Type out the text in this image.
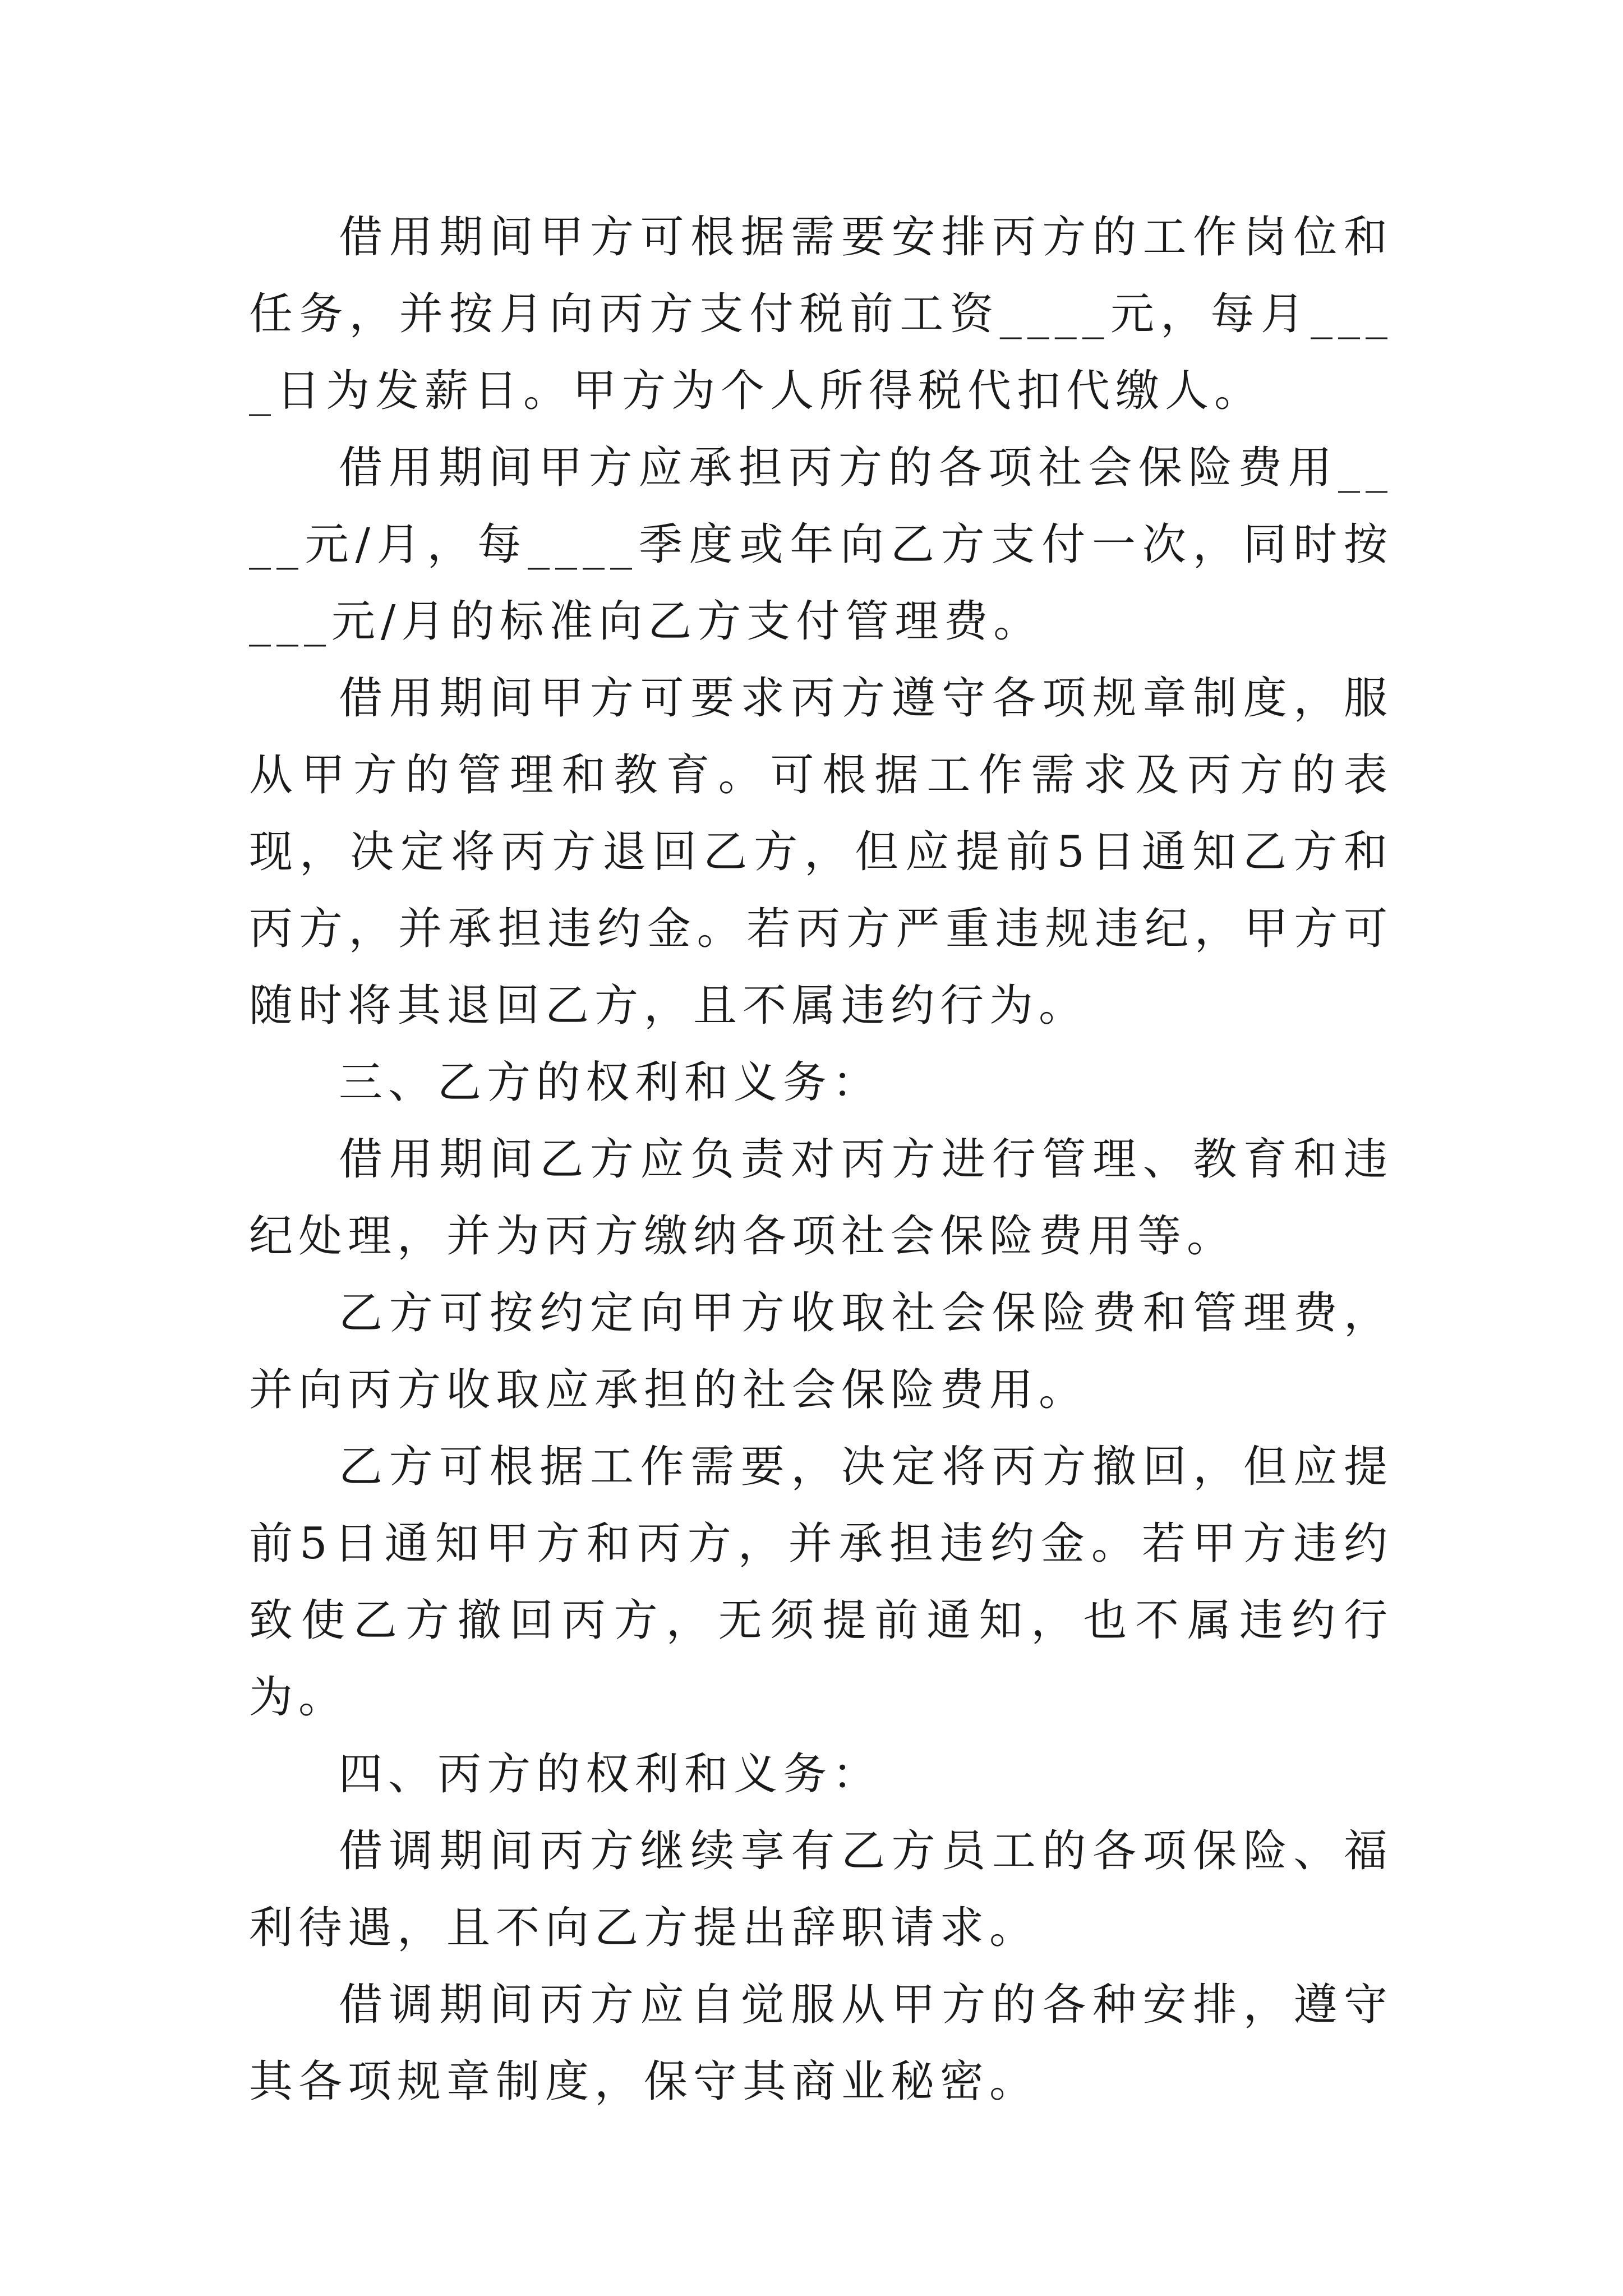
借用期间甲方可根据需要安排丙方的工作岗位和任务，并按月向丙方支付税前工资____元，每月____日为发薪日。甲方为个人所得税代扣代缴人。

借用期间甲方应承担丙方的各项社会保险费用____元/月，每____季度或年向乙方支付一次，同时按___元/月的标准向乙方支付管理费。

借用期间甲方可要求丙方遵守各项规章制度，服从甲方的管理和教育。可根据工作需求及丙方的表现，决定将丙方退回乙方，但应提前5日通知乙方和丙方，并承担违约金。若丙方严重违规违纪，甲方可随时将其退回乙方，且不属违约行为。

三、乙方的权利和义务：

借用期间乙方应负责对丙方进行管理、教育和违纪处理，并为丙方缴纳各项社会保险费用等。

乙方可按约定向甲方收取社会保险费和管理费，并向丙方收取应承担的社会保险费用。

乙方可根据工作需要，决定将丙方撤回，但应提前5日通知甲方和丙方，并承担违约金。若甲方违约致使乙方撤回丙方，无须提前通知，也不属违约行为。

四、丙方的权利和义务：

借调期间丙方继续享有乙方员工的各项保险、福利待遇，且不向乙方提出辞职请求。

借调期间丙方应自觉服从甲方的各种安排，遵守其各项规章制度，保守其商业秘密。
